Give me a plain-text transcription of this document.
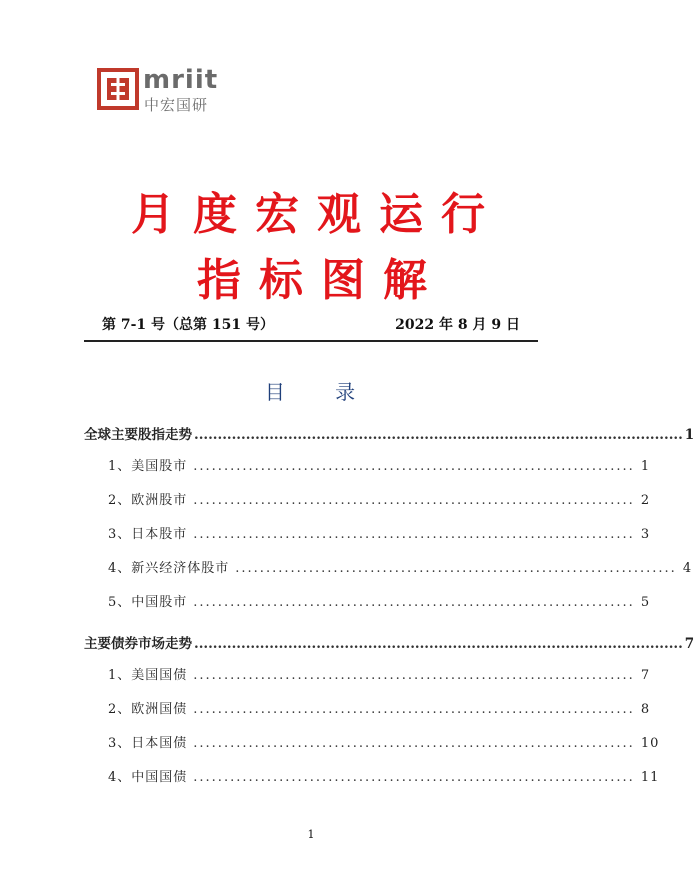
mriit
中宏国研
月度宏观运行
指标图解
第 7-1 号（总第 151 号）	2022 年 8 月 9 日
目 录
全球主要股指走势 ........................................................................................................ 1
1、美国股市 ........................................................................ 1
2、欧洲股市 ........................................................................ 2
3、日本股市 ........................................................................ 3
4、新兴经济体股市 ........................................................................ 4
5、中国股市 ........................................................................ 5
主要债券市场走势 ........................................................................................................ 7
1、美国国债 ........................................................................ 7
2、欧洲国债 ........................................................................ 8
3、日本国债 ........................................................................ 10
4、中国国债 ........................................................................ 11
1
